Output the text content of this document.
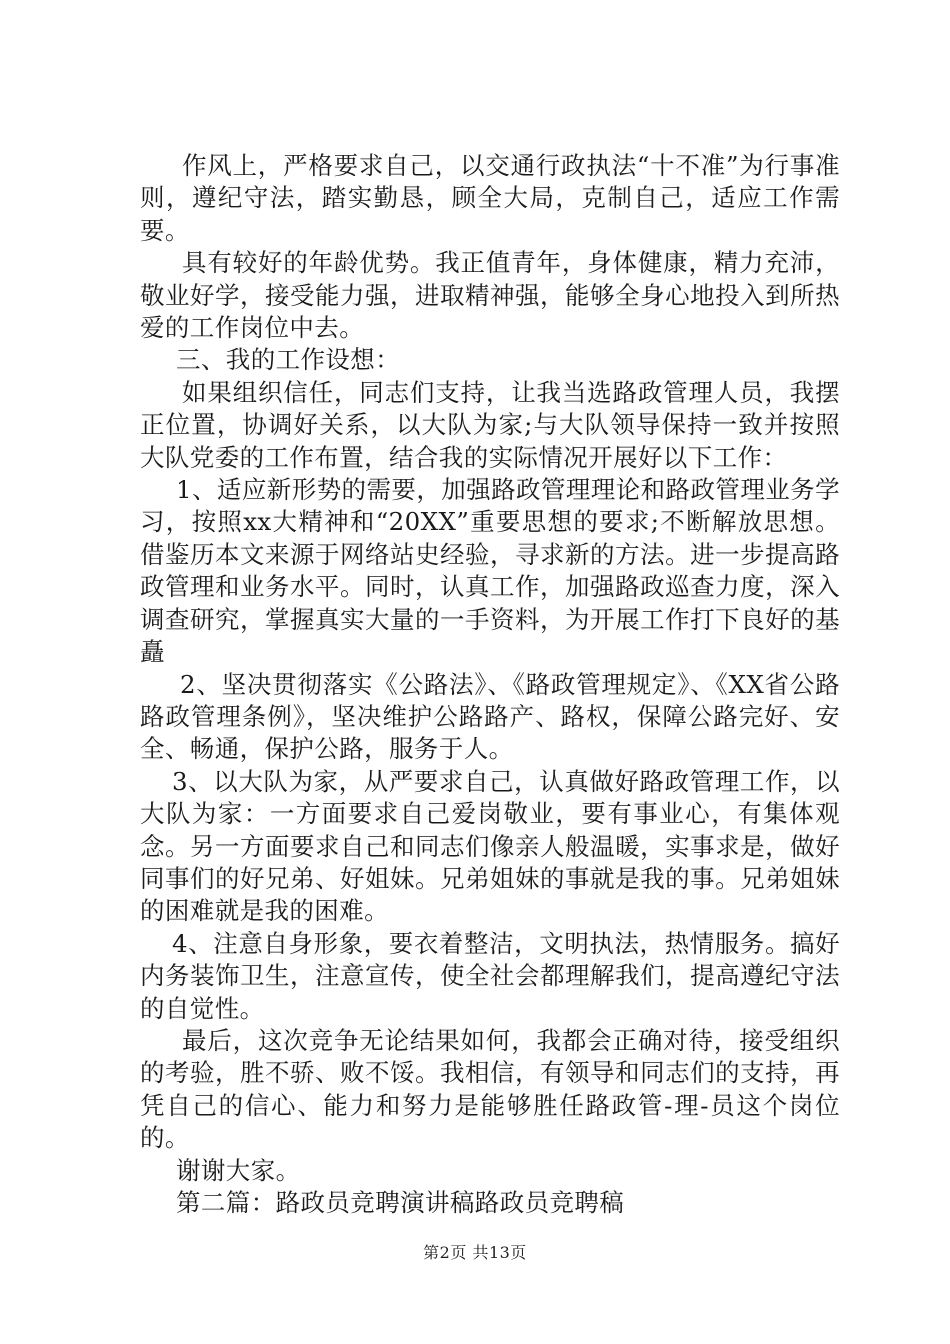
作风上，严格要求自己，以交通行政执法“十不准”为行事准则，遵纪守法，踏实勤恳，顾全大局，克制自己，适应工作需要。

具有较好的年龄优势。我正值青年，身体健康，精力充沛，敬业好学，接受能力强，进取精神强，能够全身心地投入到所热爱的工作岗位中去。

三、我的工作设想：

如果组织信任，同志们支持，让我当选路政管理人员，我摆正位置，协调好关系，以大队为家;与大队领导保持一致并按照大队党委的工作布置，结合我的实际情况开展好以下工作：

1、适应新形势的需要，加强路政管理理论和路政管理业务学习，按照xx大精神和“20XX”重要思想的要求;不断解放思想。借鉴历本文来源于网络站史经验，寻求新的方法。进一步提高路政管理和业务水平。同时，认真工作，加强路政巡查力度，深入调查研究，掌握真实大量的一手资料，为开展工作打下良好的基矗

2、坚决贯彻落实《公路法》、《路政管理规定》、《XX省公路路政管理条例》，坚决维护公路路产、路权，保障公路完好、安全、畅通，保护公路，服务于人。

3、以大队为家，从严要求自己，认真做好路政管理工作，以大队为家：一方面要求自己爱岗敬业，要有事业心，有集体观念。另一方面要求自己和同志们像亲人般温暖，实事求是，做好同事们的好兄弟、好姐妹。兄弟姐妹的事就是我的事。兄弟姐妹的困难就是我的困难。

4、注意自身形象，要衣着整洁，文明执法，热情服务。搞好内务装饰卫生，注意宣传，使全社会都理解我们，提高遵纪守法的自觉性。

最后，这次竞争无论结果如何，我都会正确对待，接受组织的考验，胜不骄、败不馁。我相信，有领导和同志们的支持，再凭自己的信心、能力和努力是能够胜任路政管-理-员这个岗位的。

谢谢大家。

第二篇：路政员竞聘演讲稿路政员竞聘稿

第2页 共13页
